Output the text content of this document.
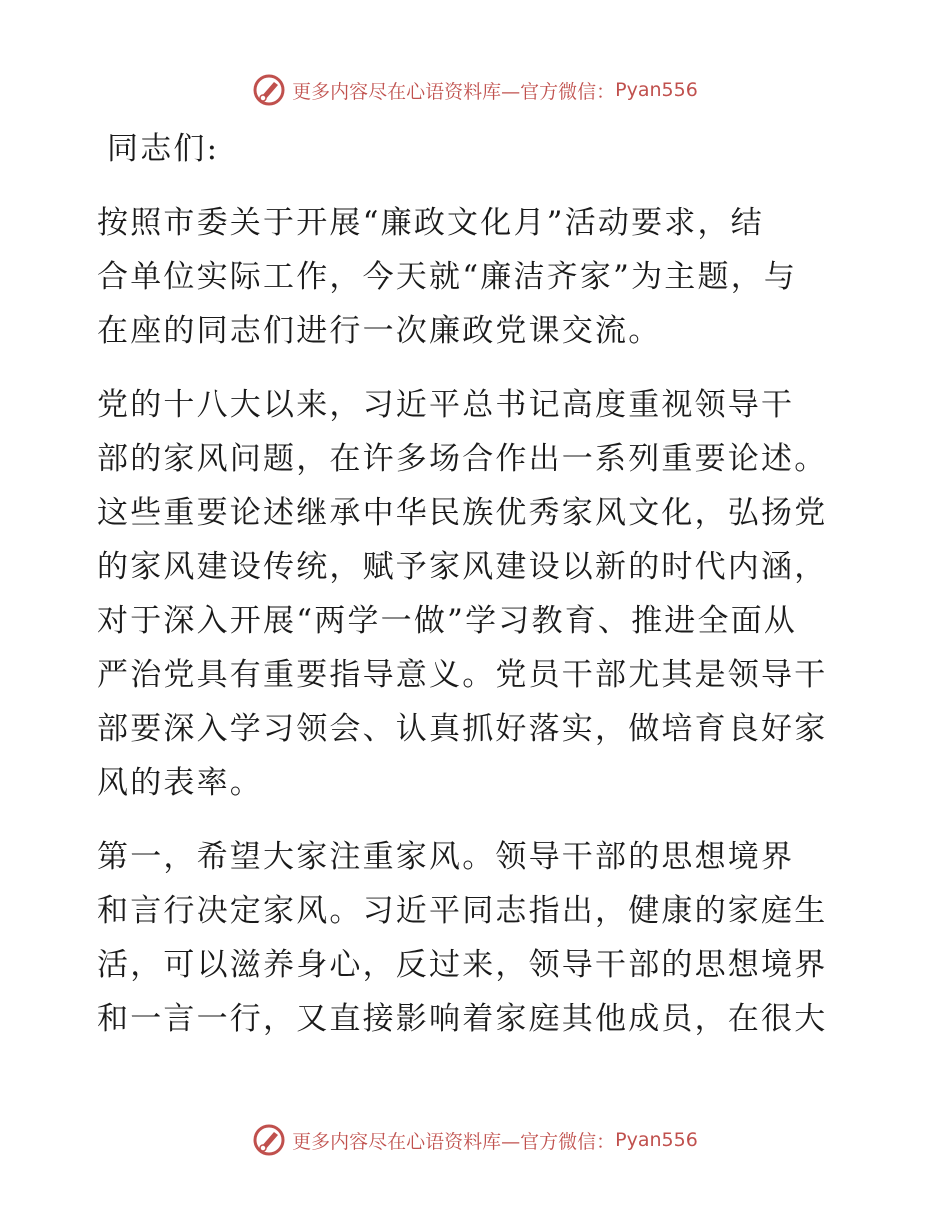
更多内容尽在心语资料库—官方微信： Pyan556

同志们:

按照市委关于开展“廉政文化月”活动要求，结
合单位实际工作，今天就“廉洁齐家”为主题，与
在座的同志们进行一次廉政党课交流。

党的十八大以来，习近平总书记高度重视领导干
部的家风问题，在许多场合作出一系列重要论述。
这些重要论述继承中华民族优秀家风文化，弘扬党
的家风建设传统，赋予家风建设以新的时代内涵，
对于深入开展“两学一做”学习教育、推进全面从
严治党具有重要指导意义。党员干部尤其是领导干
部要深入学习领会、认真抓好落实，做培育良好家
风的表率。

第一，希望大家注重家风。领导干部的思想境界
和言行决定家风。习近平同志指出，健康的家庭生
活，可以滋养身心，反过来，领导干部的思想境界
和一言一行，又直接影响着家庭其他成员，在很大

更多内容尽在心语资料库—官方微信： Pyan556
